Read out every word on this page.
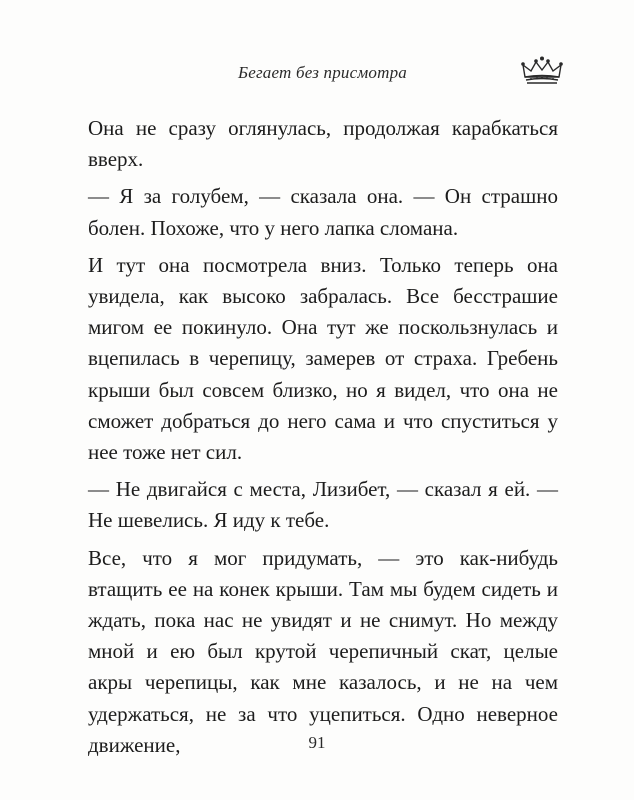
Бегает без присмотра

Она не сразу оглянулась, продолжая карабкаться вверх.

— Я за голубем, — сказала она. — Он страшно болен. Похоже, что у него лапка сломана.

И тут она посмотрела вниз. Только теперь она увидела, как высоко забралась. Все бесстрашие мигом ее покинуло. Она тут же поскользнулась и вцепилась в черепицу, замерев от страха. Гребень крыши был совсем близко, но я видел, что она не сможет добраться до него сама и что спуститься у нее тоже нет сил.

— Не двигайся с места, Лизибет, — сказал я ей. — Не шевелись. Я иду к тебе.

Все, что я мог придумать, — это как-нибудь втащить ее на конек крыши. Там мы будем сидеть и ждать, пока нас не увидят и не снимут. Но между мной и ею был крутой черепичный скат, целые акры черепицы, как мне казалось, и не на чем удержаться, не за что уцепиться. Одно неверное движение,	91
